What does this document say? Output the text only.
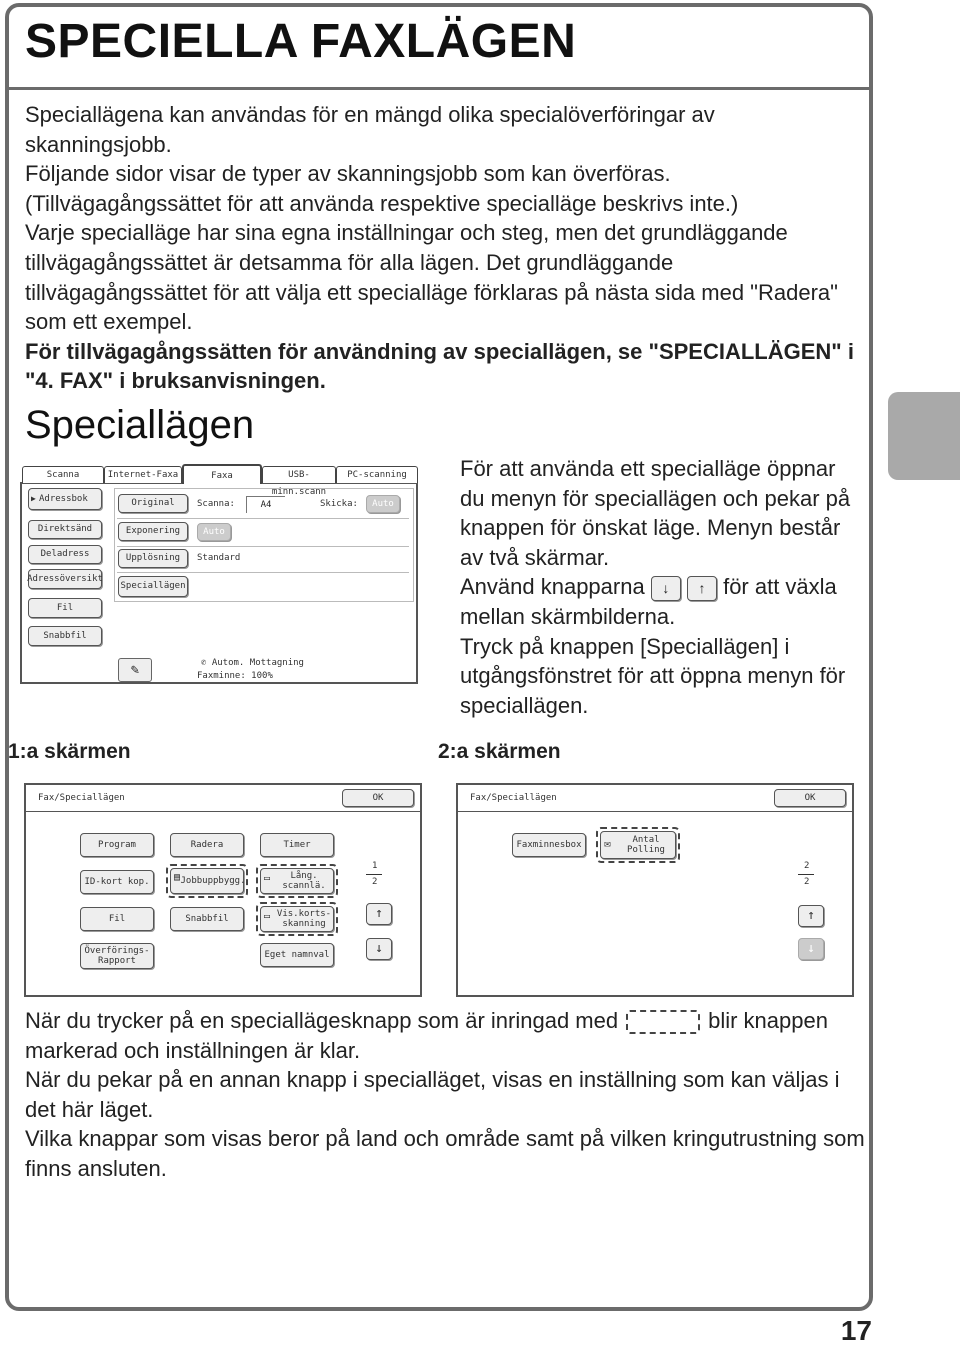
SPECIELLA FAXLÄGEN

Speciallägena kan användas för en mängd olika specialöverföringar av skanningsjobb.

Följande sidor visar de typer av skanningsjobb som kan överföras. (Tillvägagångssättet för att använda respektive specialläge beskrivs inte.)

Varje specialläge har sina egna inställningar och steg, men det grundläggande tillvägagångssättet är detsamma för alla lägen. Det grundläggande tillvägagångssättet för att välja ett specialläge förklaras på nästa sida med "Radera" som ett exempel.

För tillvägagångssätten för användning av speciallägen, se "SPECIALLÄGEN" i "4. FAX" i bruksanvisningen.

Speciallägen
Scanna	Internet-Faxa	Faxa	USB-minn.scann
PC-scanning
▶ Adressbok
Direktsänd
Deladress
Adressöversikt
Fil
Snabbfil
Original
Exponering
Upplösning
Speciallägen
Scanna:	A4	Skicka:	Auto
Auto
Standard
✎	✆ Autom. Mottagning
Faxminne: 100%

För att använda ett specialläge öppnar du menyn för speciallägen och pekar på knappen för önskat läge. Menyn består av två skärmar.

Använd knapparna ↓ ↑ för att växla mellan skärmbilderna.

Tryck på knappen [Speciallägen] i utgångsfönstret för att öppna menyn för speciallägen.

1:a skärmen	2:a skärmen
Fax/Speciallägen	OK
Program	Radera	Timer
ID-kort kop.	▤ Jobbuppbygg. ▭	Lång. scannlä.
Fil	Snabbfil	▭ Vis.korts- skanning
Överförings- Rapport
Eget namnval
1
2
↑
↓
Fax/Speciallägen	OK
Faxminnesbox	✉	Antal Polling
2
2
↑
↓

När du trycker på en speciallägesknapp som är inringad med	blir knappen markerad och inställningen är klar.

När du pekar på en annan knapp i specialläget, visas en inställning som kan väljas i det här läget.

Vilka knappar som visas beror på land och område samt på vilken kringutrustning som finns ansluten.

17
